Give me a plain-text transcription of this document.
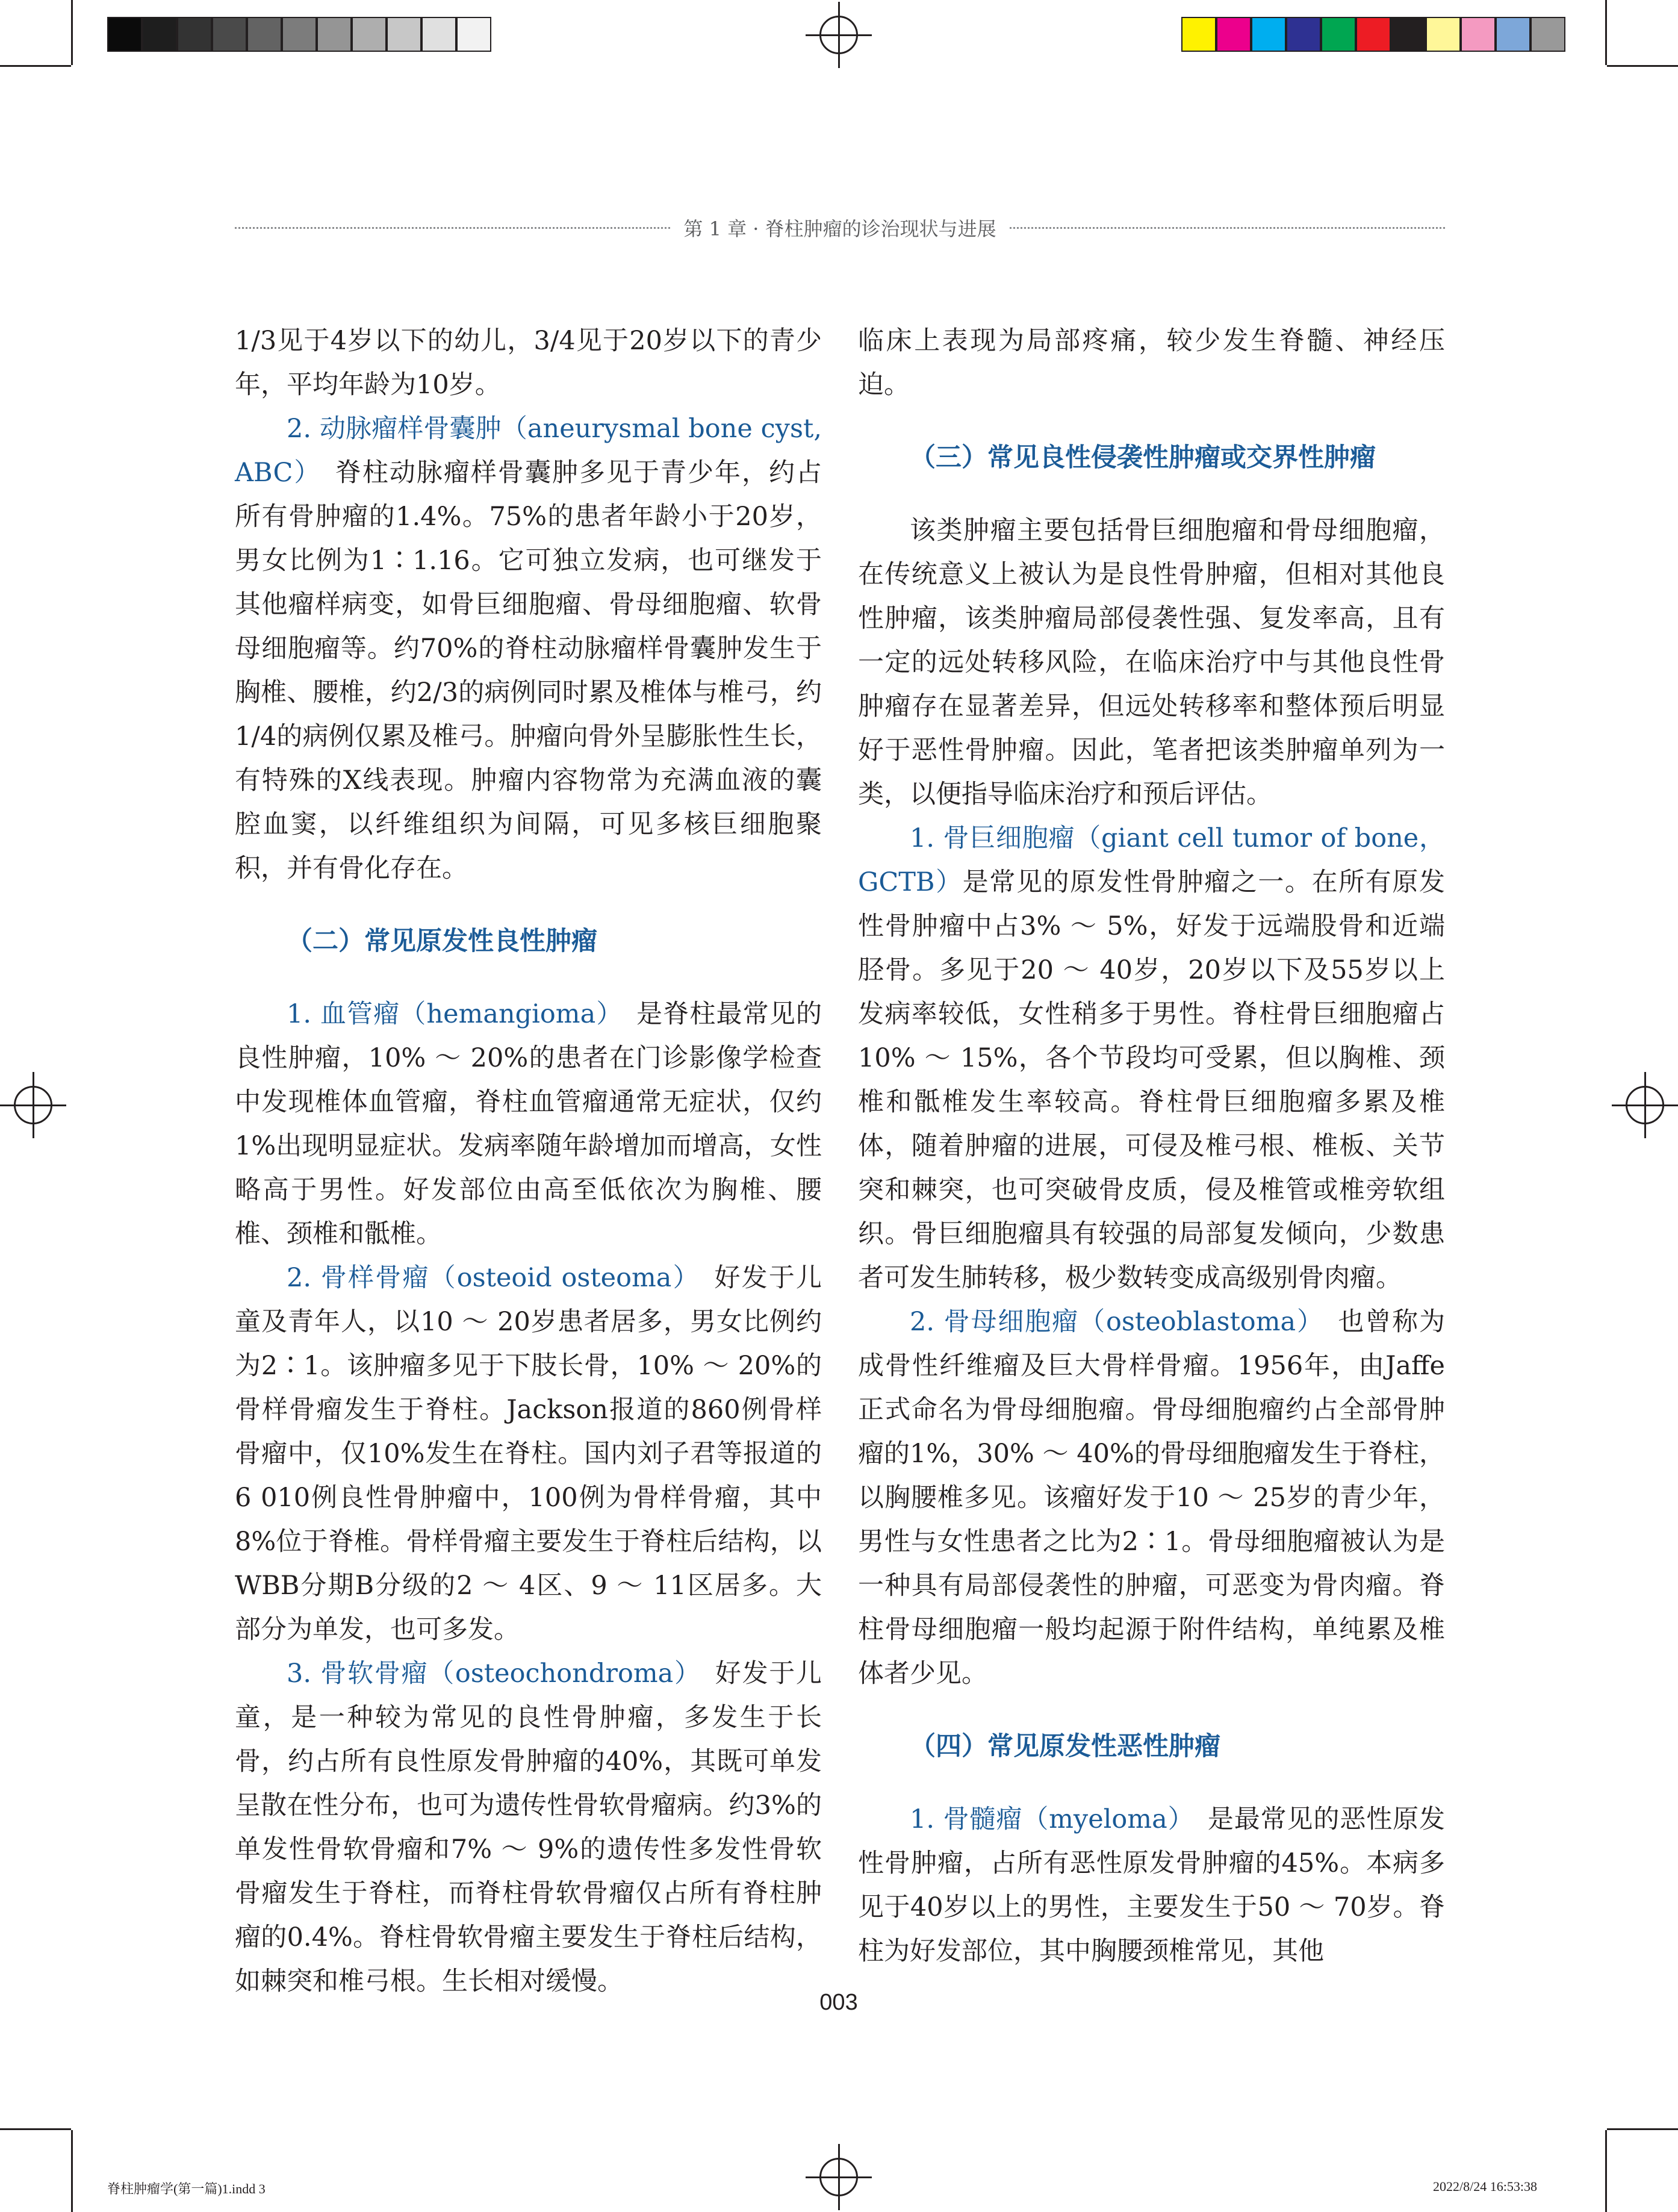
第 1 章 · 脊柱肿瘤的诊治现状与进展

1/3见于4岁以下的幼儿，3/4见于20岁以下的青少年，平均年龄为10岁。

2. 动脉瘤样骨囊肿（aneurysmal bone cyst, ABC）　 脊柱动脉瘤样骨囊肿多见于青少年，约占所有骨肿瘤的1.4%。75%的患者年龄小于20岁，男女比例为1∶1.16。它可独立发病，也可继发于其他瘤样病变，如骨巨细胞瘤、骨母细胞瘤、软骨母细胞瘤等。约70%的脊柱动脉瘤样骨囊肿发生于胸椎、腰椎，约2/3的病例同时累及椎体与椎弓，约1/4的病例仅累及椎弓。肿瘤向骨外呈膨胀性生长，有特殊的X线表现。肿瘤内容物常为充满血液的囊腔血窦，以纤维组织为间隔，可见多核巨细胞聚积，并有骨化存在。

（二）常见原发性良性肿瘤

1. 血管瘤（hemangioma）　 是脊柱最常见的良性肿瘤，10% ～ 20%的患者在门诊影像学检查中发现椎体血管瘤，脊柱血管瘤通常无症状，仅约1%出现明显症状。发病率随年龄增加而增高，女性略高于男性。好发部位由高至低依次为胸椎、腰椎、颈椎和骶椎。

2. 骨样骨瘤（osteoid osteoma）　 好发于儿童及青年人，以10 ～ 20岁患者居多，男女比例约为2∶1。该肿瘤多见于下肢长骨，10% ～ 20%的骨样骨瘤发生于脊柱。Jackson报道的860例骨样骨瘤中，仅10%发生在脊柱。国内刘子君等报道的6 010例良性骨肿瘤中，100例为骨样骨瘤，其中8%位于脊椎。骨样骨瘤主要发生于脊柱后结构，以WBB分期B分级的2 ～ 4区、9 ～ 11区居多。大部分为单发，也可多发。

3. 骨软骨瘤（osteochondroma）　 好发于儿童，是一种较为常见的良性骨肿瘤，多发生于长骨，约占所有良性原发骨肿瘤的40%，其既可单发呈散在性分布，也可为遗传性骨软骨瘤病。约3%的单发性骨软骨瘤和7% ～ 9%的遗传性多发性骨软骨瘤发生于脊柱，而脊柱骨软骨瘤仅占所有脊柱肿瘤的0.4%。脊柱骨软骨瘤主要发生于脊柱后结构，如棘突和椎弓根。生长相对缓慢。

临床上表现为局部疼痛，较少发生脊髓、神经压迫。

（三）常见良性侵袭性肿瘤或交界性肿瘤

该类肿瘤主要包括骨巨细胞瘤和骨母细胞瘤，在传统意义上被认为是良性骨肿瘤，但相对其他良性肿瘤，该类肿瘤局部侵袭性强、复发率高，且有一定的远处转移风险，在临床治疗中与其他良性骨肿瘤存在显著差异，但远处转移率和整体预后明显好于恶性骨肿瘤。因此，笔者把该类肿瘤单列为一类，以便指导临床治疗和预后评估。

1. 骨巨细胞瘤（giant cell tumor of bone，GCTB）是常见的原发性骨肿瘤之一。在所有原发性骨肿瘤中占3% ～ 5%，好发于远端股骨和近端胫骨。多见于20 ～ 40岁，20岁以下及55岁以上发病率较低，女性稍多于男性。脊柱骨巨细胞瘤占10% ～ 15%，各个节段均可受累，但以胸椎、颈椎和骶椎发生率较高。脊柱骨巨细胞瘤多累及椎体，随着肿瘤的进展，可侵及椎弓根、椎板、关节突和棘突，也可突破骨皮质，侵及椎管或椎旁软组织。骨巨细胞瘤具有较强的局部复发倾向，少数患者可发生肺转移，极少数转变成高级别骨肉瘤。

2. 骨母细胞瘤（osteoblastoma）　 也曾称为成骨性纤维瘤及巨大骨样骨瘤。1956年，由Jaffe正式命名为骨母细胞瘤。骨母细胞瘤约占全部骨肿瘤的1%，30% ～ 40%的骨母细胞瘤发生于脊柱，以胸腰椎多见。该瘤好发于10 ～ 25岁的青少年，男性与女性患者之比为2∶1。骨母细胞瘤被认为是一种具有局部侵袭性的肿瘤，可恶变为骨肉瘤。脊柱骨母细胞瘤一般均起源于附件结构，单纯累及椎体者少见。

（四）常见原发性恶性肿瘤

1. 骨髓瘤（myeloma）　 是最常见的恶性原发性骨肿瘤，占所有恶性原发骨肿瘤的45%。本病多见于40岁以上的男性，主要发生于50 ～ 70岁。脊柱为好发部位，其中胸腰颈椎常见，其他

003
脊柱肿瘤学(第一篇)1.indd 3	2022/8/24 16:53:38
